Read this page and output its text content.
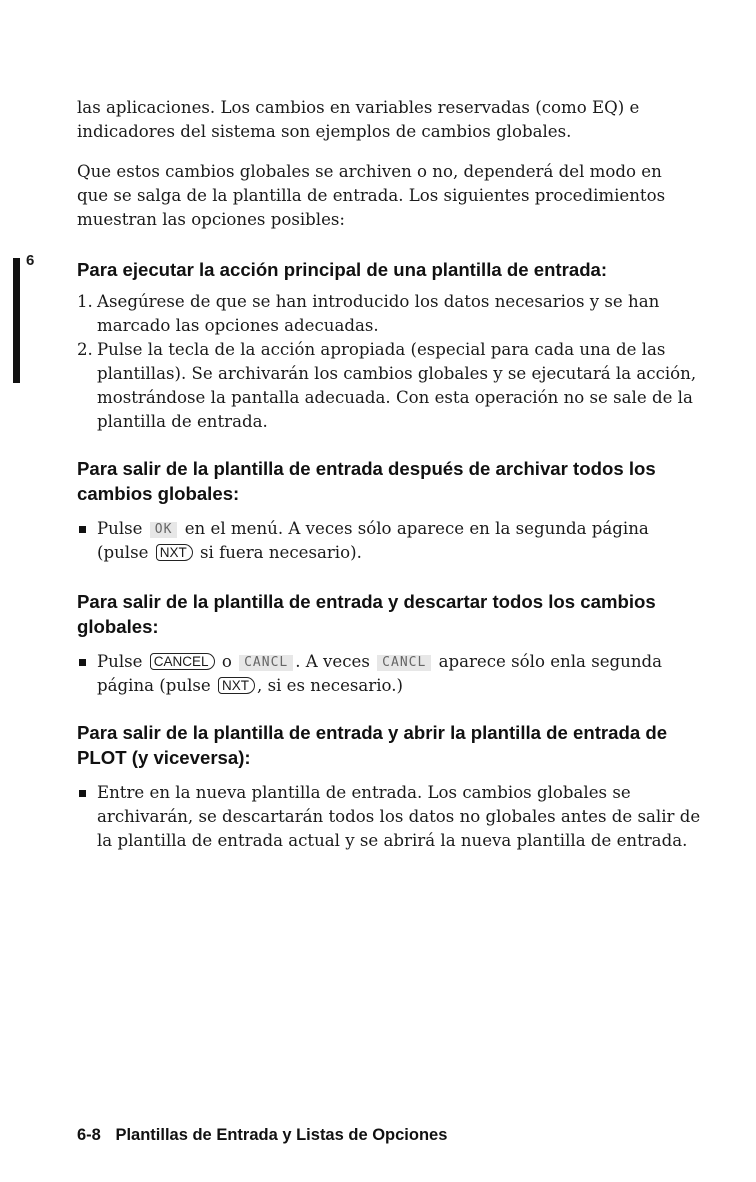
6

las aplicaciones. Los cambios en variables reservadas (como EQ) e indicadores del sistema son ejemplos de cambios globales.

Que estos cambios globales se archiven o no, dependerá del modo en que se salga de la plantilla de entrada. Los siguientes procedimientos muestran las opciones posibles:

Para ejecutar la acción principal de una plantilla de entrada:
1. Asegúrese de que se han introducido los datos necesarios y se han marcado las opciones adecuadas.
2. Pulse la tecla de la acción apropiada (especial para cada una de las plantillas). Se archivarán los cambios globales y se ejecutará la acción, mostrándose la pantalla adecuada. Con esta operación no se sale de la plantilla de entrada.
Para salir de la plantilla de entrada después de archivar todos los cambios globales:
Pulse OK en el menú. A veces sólo aparece en la segunda página (pulse NXT si fuera necesario).
Para salir de la plantilla de entrada y descartar todos los cambios globales:
Pulse CANCEL o CANCL . A veces CANCL aparece sólo enla segunda página (pulse NXT , si es necesario.)
Para salir de la plantilla de entrada y abrir la plantilla de entrada de PLOT (y viceversa):
Entre en la nueva plantilla de entrada. Los cambios globales se archivarán, se descartarán todos los datos no globales antes de salir de la plantilla de entrada actual y se abrirá la nueva plantilla de entrada.
6-8 Plantillas de Entrada y Listas de Opciones
